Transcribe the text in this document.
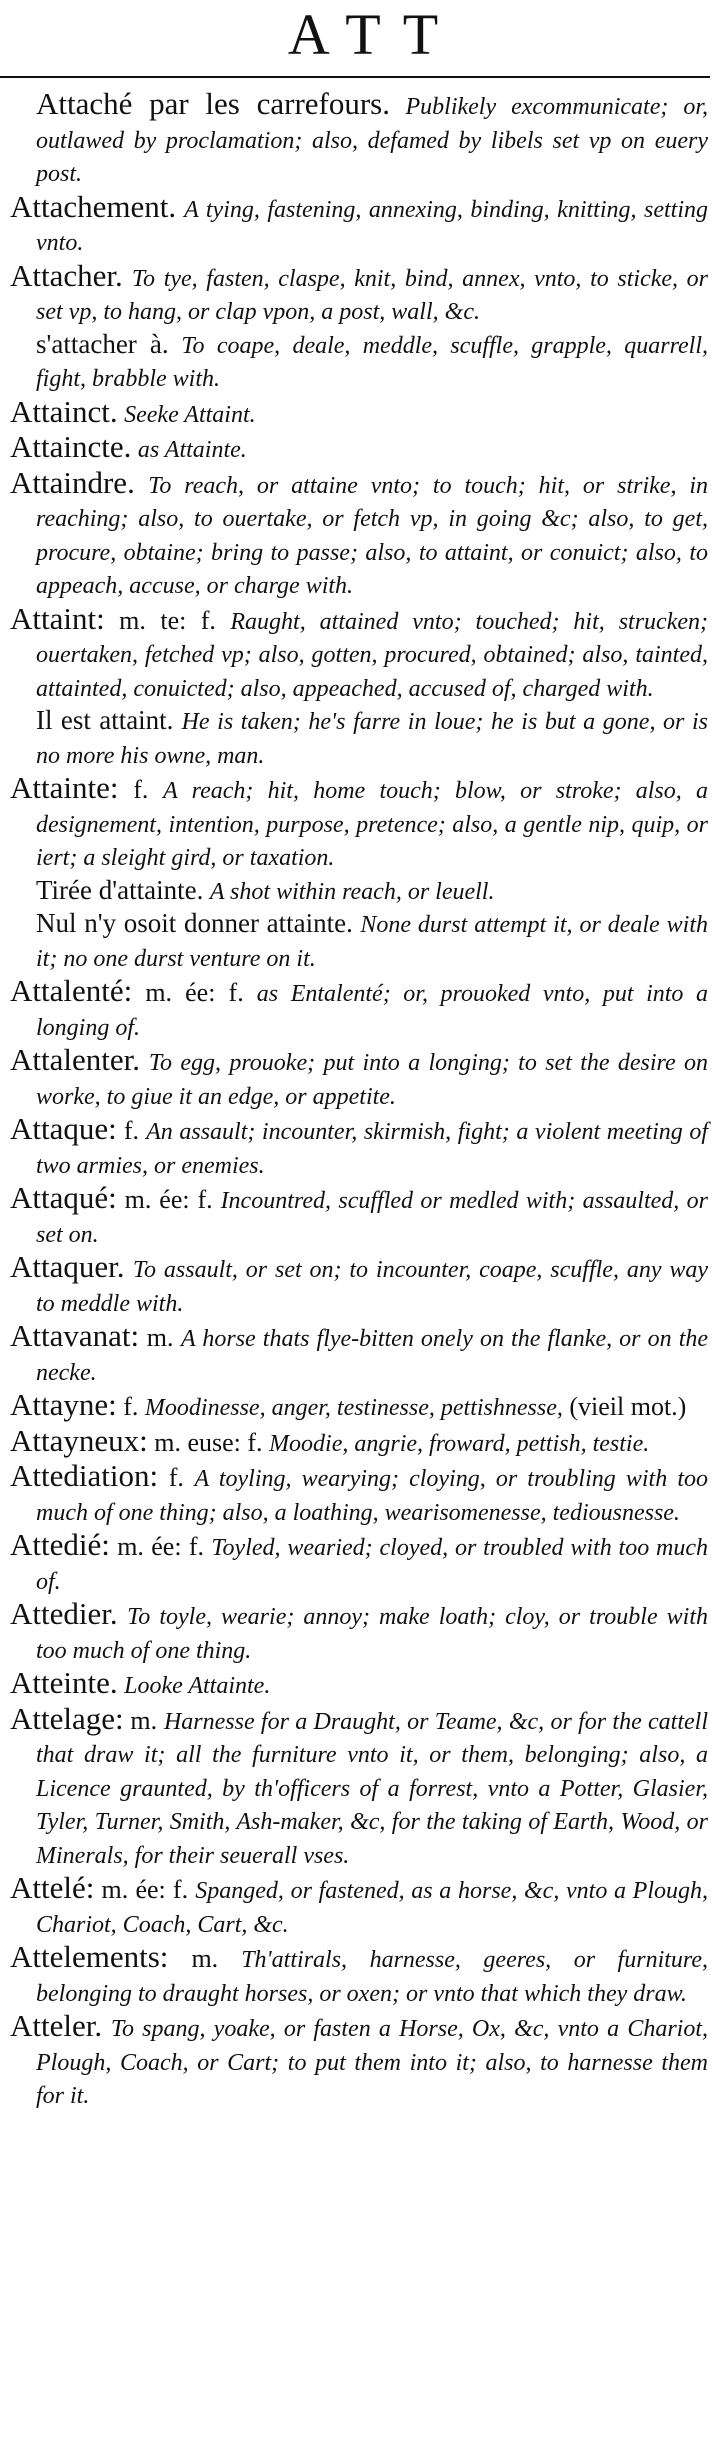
ATT

Attaché par les carrefours. Publikely excommunicate; or, outlawed by proclamation; also, defamed by libels set vp on euery post.

Attachement. A tying, fastening, annexing, binding, knitting, setting vnto.

Attacher. To tye, fasten, claspe, knit, bind, annex, vnto, to sticke, or set vp, to hang, or clap vpon, a post, wall, &c.

s'attacher à. To coape, deale, meddle, scuffle, grapple, quarrell, fight, brabble with.

Attainct. Seeke Attaint.

Attaincte. as Attainte.

Attaindre. To reach, or attaine vnto; to touch; hit, or strike, in reaching; also, to ouertake, or fetch vp, in going &c; also, to get, procure, obtaine; bring to passe; also, to attaint, or conuict; also, to appeach, accuse, or charge with.

Attaint: m. te: f. Raught, attained vnto; touched; hit, strucken; ouertaken, fetched vp; also, gotten, procured, obtained; also, tainted, attainted, conuicted; also, appeached, accused of, charged with.

Il est attaint. He is taken; he's farre in loue; he is but a gone, or is no more his owne, man.

Attainte: f. A reach; hit, home touch; blow, or stroke; also, a designement, intention, purpose, pretence; also, a gentle nip, quip, or iert; a sleight gird, or taxation.

Tirée d'attainte. A shot within reach, or leuell.

Nul n'y osoit donner attainte. None durst attempt it, or deale with it; no one durst venture on it.

Attalenté: m. ée: f. as Entalenté; or, prouoked vnto, put into a longing of.

Attalenter. To egg, prouoke; put into a longing; to set the desire on worke, to giue it an edge, or appetite.

Attaque: f. An assault; incounter, skirmish, fight; a violent meeting of two armies, or enemies.

Attaqué: m. ée: f. Incountred, scuffled or medled with; assaulted, or set on.

Attaquer. To assault, or set on; to incounter, coape, scuffle, any way to meddle with.

Attavanat: m. A horse thats flye-bitten onely on the flanke, or on the necke.

Attayne: f. Moodinesse, anger, testinesse, pettishnesse, (vieil mot.)

Attayneux: m. euse: f. Moodie, angrie, froward, pettish, testie.

Attediation: f. A toyling, wearying; cloying, or troubling with too much of one thing; also, a loathing, wearisomenesse, tediousnesse.

Attedié: m. ée: f. Toyled, wearied; cloyed, or troubled with too much of.

Attedier. To toyle, wearie; annoy; make loath; cloy, or trouble with too much of one thing.

Atteinte. Looke Attainte.

Attelage: m. Harnesse for a Draught, or Teame, &c, or for the cattell that draw it; all the furniture vnto it, or them, belonging; also, a Licence graunted, by th'officers of a forrest, vnto a Potter, Glasier, Tyler, Turner, Smith, Ash-maker, &c, for the taking of Earth, Wood, or Minerals, for their seuerall vses.

Attelé: m. ée: f. Spanged, or fastened, as a horse, &c, vnto a Plough, Chariot, Coach, Cart, &c.

Attelements: m. Th'attirals, harnesse, geeres, or furniture, belonging to draught horses, or oxen; or vnto that which they draw.

Atteler. To spang, yoake, or fasten a Horse, Ox, &c, vnto a Chariot, Plough, Coach, or Cart; to put them into it; also, to harnesse them for it.
